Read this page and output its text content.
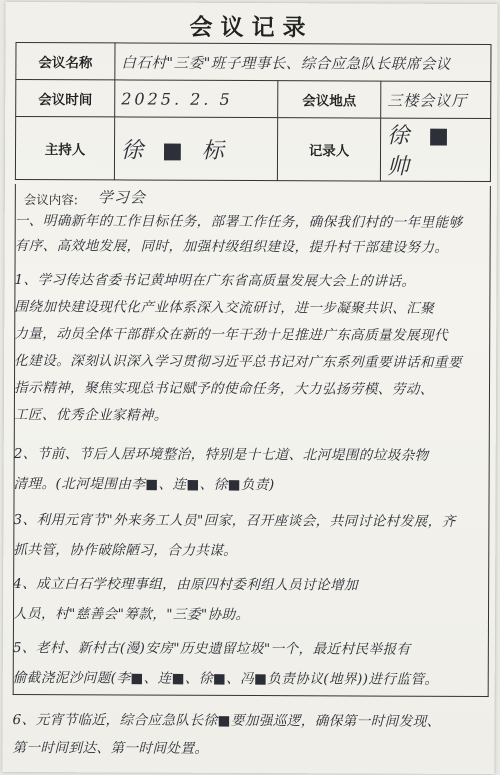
会议记录
会议名称	白石村"三委"班子理事长、综合应急队长联席会议		
会议时间	2025. 2. 5	会议地点	三楼会议厅
主持人	徐 ■ 标	记录人	徐 ■ 帅
会议内容: 学习会
一、明确新年的工作目标任务，部署工作任务，确保我们村的一年里能够
有序、高效地发展，同时，加强村级组织建设，提升村干部建设努力。
1、学习传达省委书记黄坤明在广东省高质量发展大会上的讲话。
围绕加快建设现代化产业体系深入交流研讨，进一步凝聚共识、汇聚
力量，动员全体干部群众在新的一年干劲十足推进广东高质量发展现代
化建设。深刻认识深入学习贯彻习近平总书记对广东系列重要讲话和重要
指示精神，聚焦实现总书记赋予的使命任务，大力弘扬劳模、劳动、
工匠、优秀企业家精神。
2、节前、节后人居环境整治，特别是十七道、北河堤围的垃圾杂物
清理。(北河堤围由李■、连■、徐■负责)
3、利用元宵节"外来务工人员"回家，召开座谈会，共同讨论村发展，齐
抓共管，协作破除陋习，合力共谋。
4、成立白石学校理事组，由原四村委利组人员讨论增加
人员，村"慈善会"筹款，"三委"协助。
5、老村、新村古(漫)安房"历史遗留垃圾"一个，最近村民举报有
偷截浇泥沙问题(李■、连■、徐■、冯■负责协议(地界))进行监管。
6、元宵节临近，综合应急队长徐■要加强巡逻，确保第一时间发现、
第一时间到达、第一时间处置。
